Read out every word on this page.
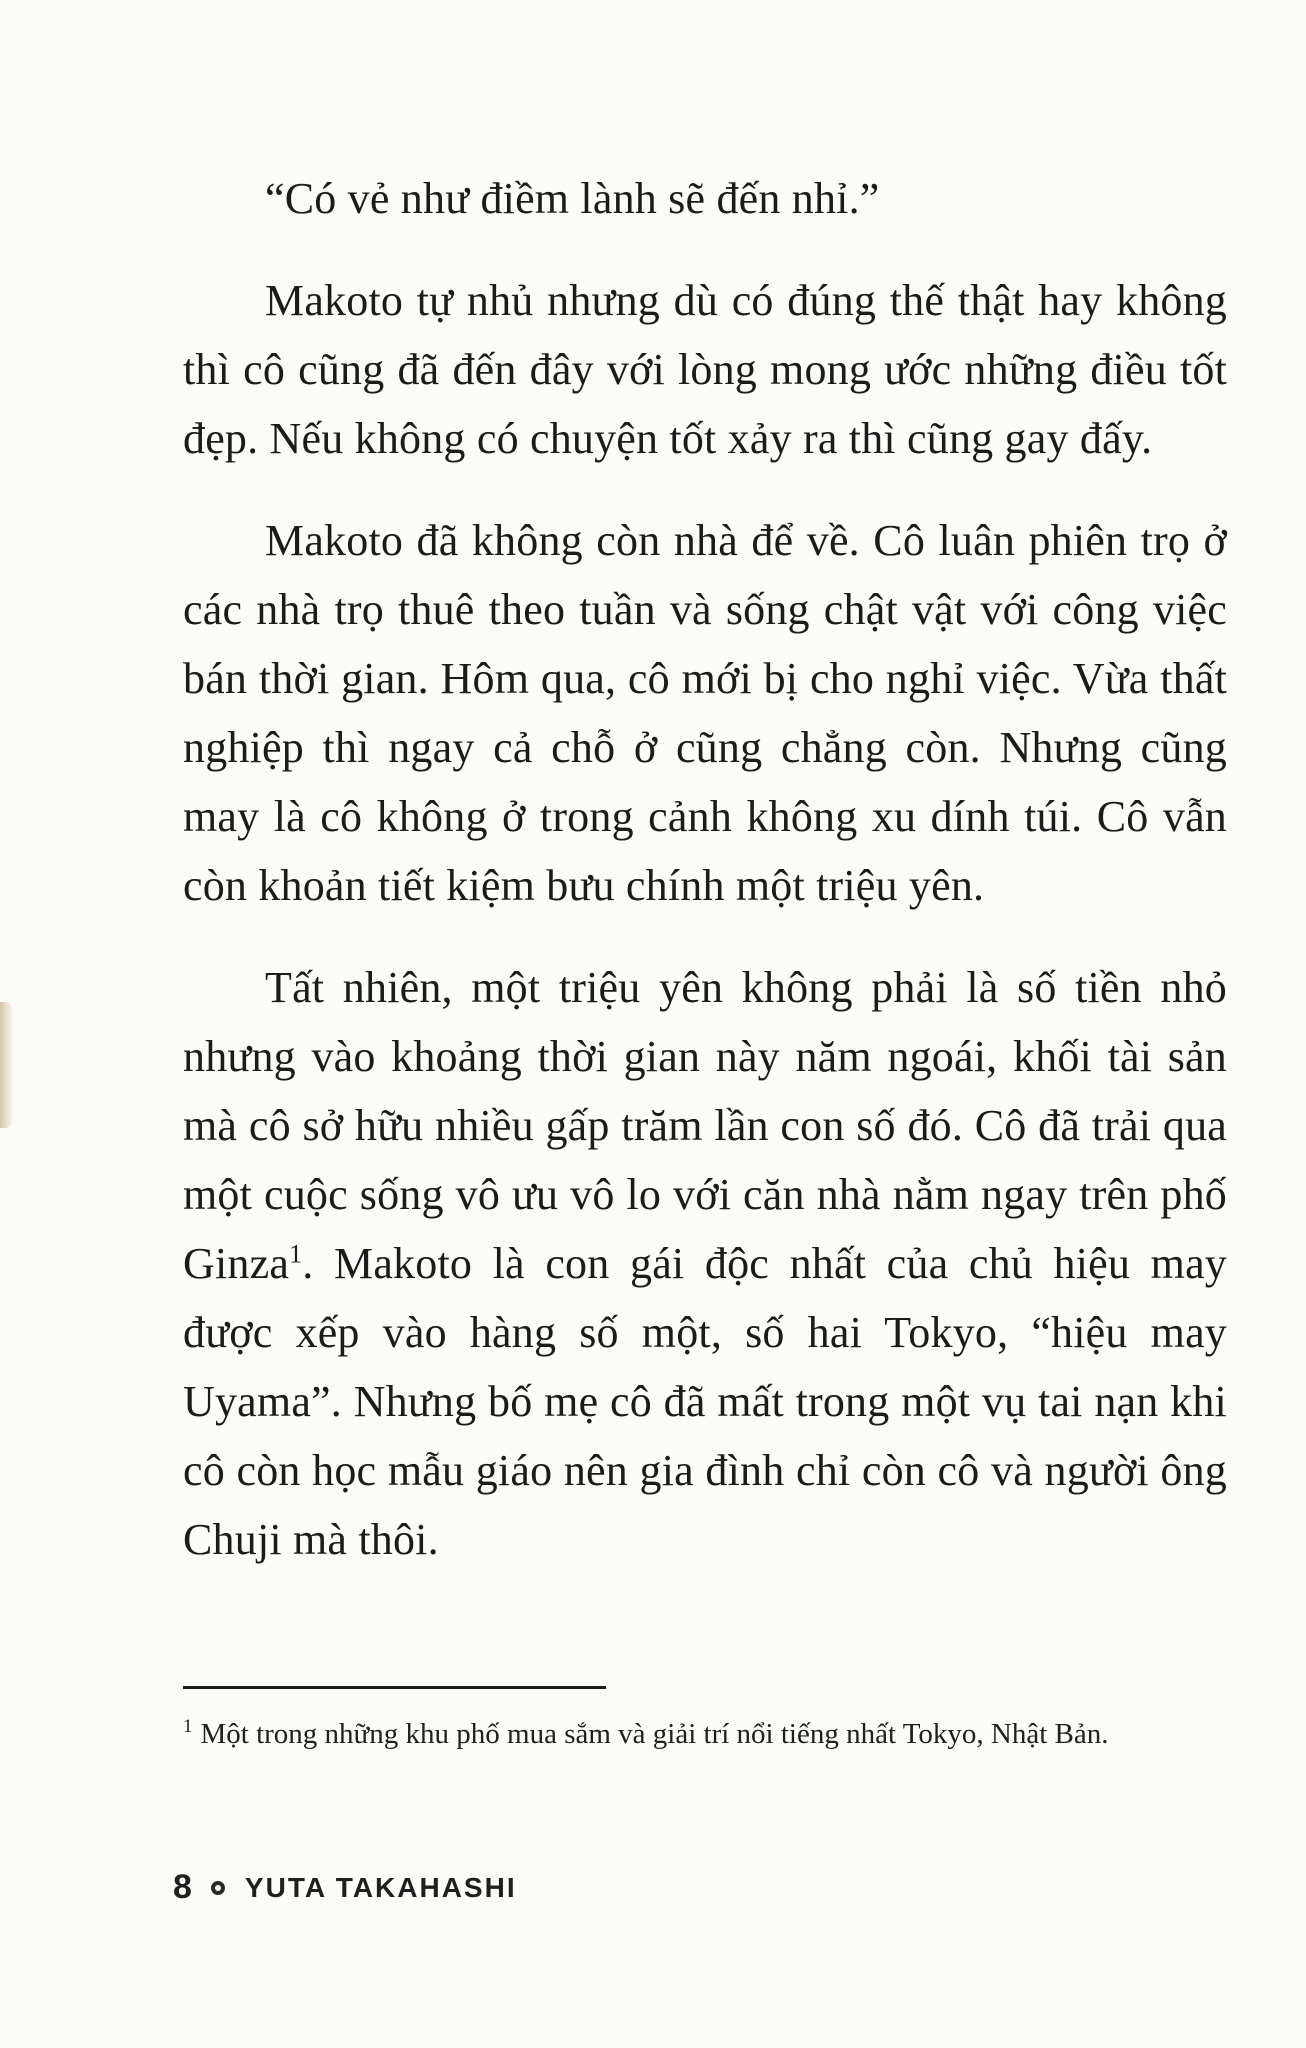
“Có vẻ như điềm lành sẽ đến nhỉ.”

Makoto tự nhủ nhưng dù có đúng thế thật hay không thì cô cũng đã đến đây với lòng mong ước những điều tốt đẹp. Nếu không có chuyện tốt xảy ra thì cũng gay đấy.

Makoto đã không còn nhà để về. Cô luân phiên trọ ở các nhà trọ thuê theo tuần và sống chật vật với công việc bán thời gian. Hôm qua, cô mới bị cho nghỉ việc. Vừa thất nghiệp thì ngay cả chỗ ở cũng chẳng còn. Nhưng cũng may là cô không ở trong cảnh không xu dính túi. Cô vẫn còn khoản tiết kiệm bưu chính một triệu yên.

Tất nhiên, một triệu yên không phải là số tiền nhỏ nhưng vào khoảng thời gian này năm ngoái, khối tài sản mà cô sở hữu nhiều gấp trăm lần con số đó. Cô đã trải qua một cuộc sống vô ưu vô lo với căn nhà nằm ngay trên phố Ginza$^1$. Makoto là con gái độc nhất của chủ hiệu may được xếp vào hàng số một, số hai Tokyo, “hiệu may Uyama”. Nhưng bố mẹ cô đã mất trong một vụ tai nạn khi cô còn học mẫu giáo nên gia đình chỉ còn cô và người ông Chuji mà thôi.

$^1$ Một trong những khu phố mua sắm và giải trí nổi tiếng nhất Tokyo, Nhật Bản.
8 YUTA TAKAHASHI
